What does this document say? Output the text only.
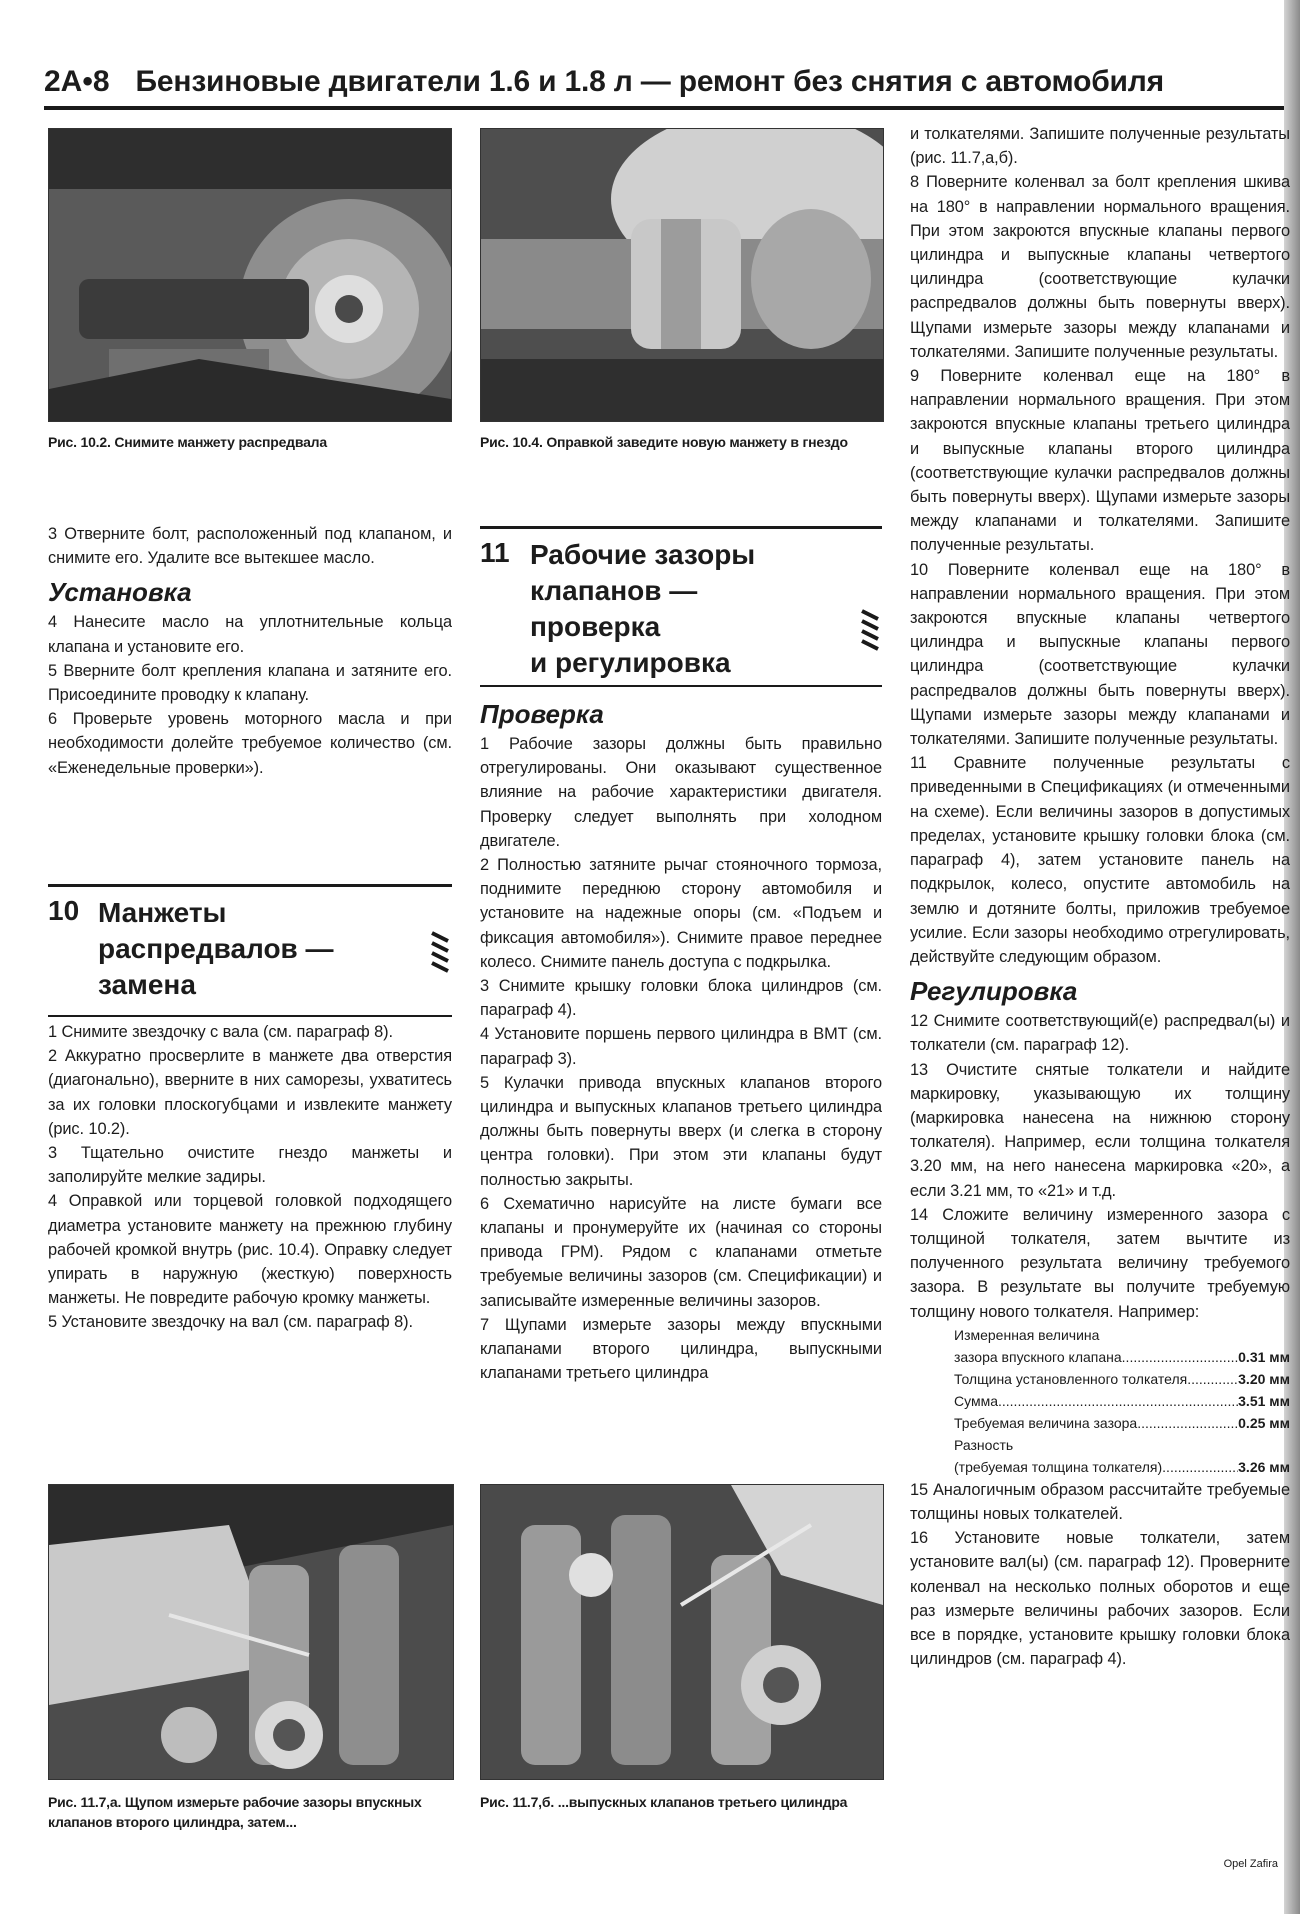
2A•8 Бензиновые двигатели 1.6 и 1.8 л — ремонт без снятия с автомобиля
Рис. 10.2. Снимите манжету распредвала	Рис. 10.4. Оправкой заведите новую манжету в гнездо

3 Отверните болт, расположенный под клапаном, и снимите его. Удалите все вытекшее масло.

Установка

4 Нанесите масло на уплотнительные кольца клапана и установите его.

5 Вверните болт крепления клапана и затяните его. Присоедините проводку к клапану.

6 Проверьте уровень моторного масла и при необходимости долейте требуемое количество (см. «Еженедельные проверки»).

10 Манжеты
распредвалов —
замена

1 Снимите звездочку с вала (см. параграф 8).

2 Аккуратно просверлите в манжете два отверстия (диагонально), вверните в них саморезы, ухватитесь за их головки плоскогубцами и извлеките манжету (рис. 10.2).

3 Тщательно очистите гнездо манжеты и заполируйте мелкие задиры.

4 Оправкой или торцевой головкой подходящего диаметра установите манжету на прежнюю глубину рабочей кромкой внутрь (рис. 10.4). Оправку следует упирать в наружную (жесткую) поверхность манжеты. Не повредите рабочую кромку манжеты.

5 Установите звездочку на вал (см. параграф 8).

11 Рабочие зазоры
клапанов —
проверка
и регулировка
Проверка

1 Рабочие зазоры должны быть правильно отрегулированы. Они оказывают существенное влияние на рабочие характеристики двигателя. Проверку следует выполнять при холодном двигателе.

2 Полностью затяните рычаг стояночного тормоза, поднимите переднюю сторону автомобиля и установите на надежные опоры (см. «Подъем и фиксация автомобиля»). Снимите правое переднее колесо. Снимите панель доступа с подкрылка.

3 Снимите крышку головки блока цилиндров (см. параграф 4).

4 Установите поршень первого цилиндра в ВМТ (см. параграф 3).

5 Кулачки привода впускных клапанов второго цилиндра и выпускных клапанов третьего цилиндра должны быть повернуты вверх (и слегка в сторону центра головки). При этом эти клапаны будут полностью закрыты.

6 Схематично нарисуйте на листе бумаги все клапаны и пронумеруйте их (начиная со стороны привода ГРМ). Рядом с клапанами отметьте требуемые величины зазоров (см. Спецификации) и записывайте измеренные величины зазоров.

7 Щупами измерьте зазоры между впускными клапанами второго цилиндра, выпускными клапанами третьего цилиндра

и толкателями. Запишите полученные результаты (рис. 11.7,а,б).

8 Поверните коленвал за болт крепления шкива на 180° в направлении нормального вращения. При этом закроются впускные клапаны первого цилиндра и выпускные клапаны четвертого цилиндра (соответствующие кулачки распредвалов должны быть повернуты вверх). Щупами измерьте зазоры между клапанами и толкателями. Запишите полученные результаты.

9 Поверните коленвал еще на 180° в направлении нормального вращения. При этом закроются впускные клапаны третьего цилиндра и выпускные клапаны второго цилиндра (соответствующие кулачки распредвалов должны быть повернуты вверх). Щупами измерьте зазоры между клапанами и толкателями. Запишите полученные результаты.

10 Поверните коленвал еще на 180° в направлении нормального вращения. При этом закроются впускные клапаны четвертого цилиндра и выпускные клапаны первого цилиндра (соответствующие кулачки распредвалов должны быть повернуты вверх). Щупами измерьте зазоры между клапанами и толкателями. Запишите полученные результаты.

11 Сравните полученные результаты с приведенными в Спецификациях (и отмеченными на схеме). Если величины зазоров в допустимых пределах, установите крышку головки блока (см. параграф 4), затем установите панель на подкрылок, колесо, опустите автомобиль на землю и дотяните болты, приложив требуемое усилие. Если зазоры необходимо отрегулировать, действуйте следующим образом.

Регулировка

12 Снимите соответствующий(е) распредвал(ы) и толкатели (см. параграф 12).

13 Очистите снятые толкатели и найдите маркировку, указывающую их толщину (маркировка нанесена на нижнюю сторону толкателя). Например, если толщина толкателя 3.20 мм, на него нанесена маркировка «20», а если 3.21 мм, то «21» и т.д.

14 Сложите величину измеренного зазора с толщиной толкателя, затем вычтите из полученного результата величину требуемого зазора. В результате вы получите требуемую толщину нового толкателя. Например:

Измеренная величина
зазора впускного клапана .....	0.31 мм
Толщина установленного толкателя .....	3.20 мм
Сумма .....	3.51 мм
Требуемая величина зазора .....	0.25 мм
Разность
(требуемая толщина толкателя) .....	3.26 мм

15 Аналогичным образом рассчитайте требуемые толщины новых толкателей.

16 Установите новые толкатели, затем установите вал(ы) (см. параграф 12). Проверните коленвал на несколько полных оборотов и еще раз измерьте величины рабочих зазоров. Если все в порядке, установите крышку головки блока цилиндров (см. параграф 4).

Рис. 11.7,а. Щупом измерьте рабочие зазоры впускных клапанов второго цилиндра, затем...
Рис. 11.7,б. ...выпускных клапанов третьего цилиндра
Opel Zafira
